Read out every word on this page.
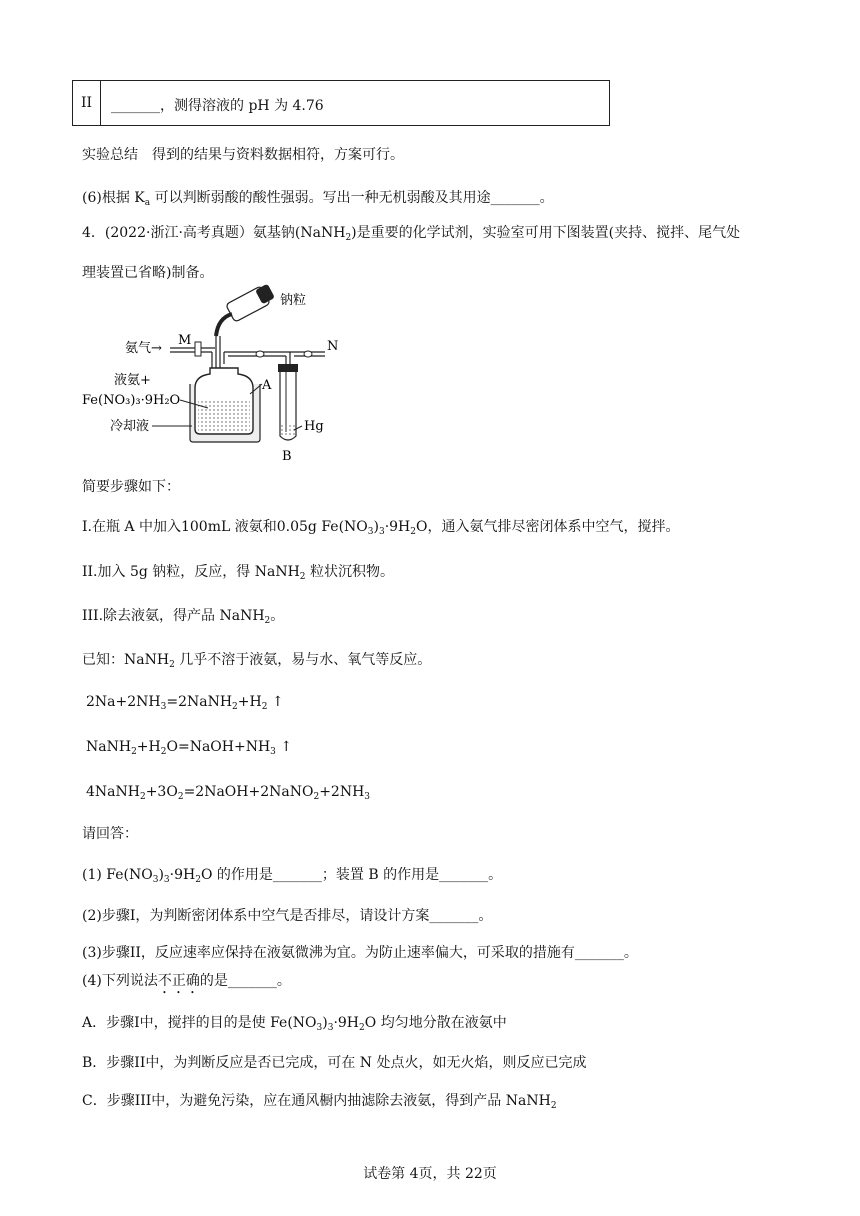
II _______，测得溶液的 pH 为 4.76
实验总结　得到的结果与资料数据相符，方案可行。
(6)根据 $K_a$ 可以判断弱酸的酸性强弱。写出一种无机弱酸及其用途_______。
4．(2022·浙江·高考真题）氨基钠(NaNH$_2$)是重要的化学试剂，实验室可用下图装置(夹持、搅拌、尾气处
理装置已省略)制备。
钠粒
氨气→
M	N
A
液氨+
Fe(NO₃)₃·9H₂O
冷却液	Hg
B
简要步骤如下：
I.在瓶 A 中加入100mL 液氨和0.05g $Fe(NO_3)_3\cdot 9H_2O$，通入氨气排尽密闭体系中空气，搅拌。
II.加入 5g 钠粒，反应，得 NaNH$_2$ 粒状沉积物。
III.除去液氨，得产品 NaNH$_2$。
已知：NaNH$_2$ 几乎不溶于液氨，易与水、氧气等反应。
$2Na+2NH_3=2NaNH_2+H_2$ ↑
$NaNH_2+H_2O=NaOH+NH_3$ ↑
$4NaNH_2+3O_2=2NaOH+2NaNO_2+2NH_3$
请回答：
(1) $Fe(NO_3)_3\cdot 9H_2O$ 的作用是_______；装置 B 的作用是_______。
(2)步骤I，为判断密闭体系中空气是否排尽，请设计方案_______。
(3)步骤II，反应速率应保持在液氨微沸为宜。为防止速率偏大，可采取的措施有_______。
(4)下列说法不正确的是_______。
A．步骤I中，搅拌的目的是使 $Fe(NO_3)_3\cdot 9H_2O$ 均匀地分散在液氨中
B．步骤II中，为判断反应是否已完成，可在 N 处点火，如无火焰，则反应已完成
C．步骤III中，为避免污染，应在通风橱内抽滤除去液氨，得到产品 NaNH$_2$
试卷第 4页，共 22页
